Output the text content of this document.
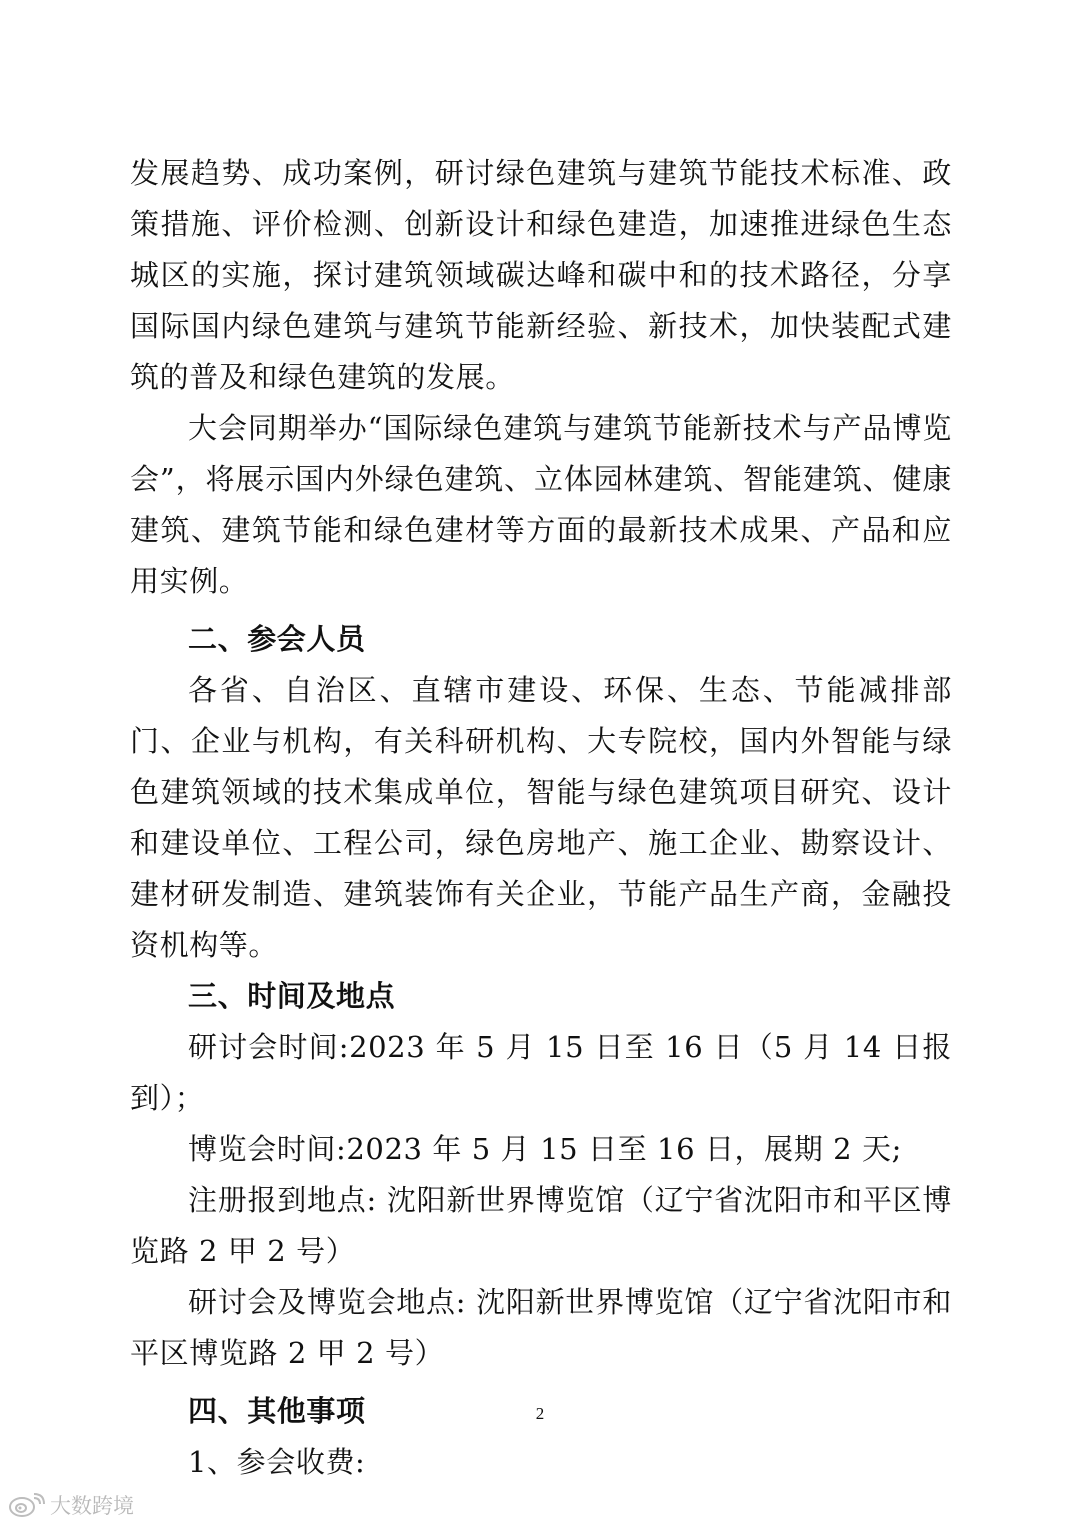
发展趋势、成功案例，研讨绿色建筑与建筑节能技术标准、政策措施、评价检测、创新设计和绿色建造，加速推进绿色生态城区的实施，探讨建筑领域碳达峰和碳中和的技术路径，分享国际国内绿色建筑与建筑节能新经验、新技术，加快装配式建筑的普及和绿色建筑的发展。

大会同期举办“国际绿色建筑与建筑节能新技术与产品博览会”，将展示国内外绿色建筑、立体园林建筑、智能建筑、健康建筑、建筑节能和绿色建材等方面的最新技术成果、产品和应用实例。

二、参会人员

各省、自治区、直辖市建设、环保、生态、节能减排部门、企业与机构，有关科研机构、大专院校，国内外智能与绿色建筑领域的技术集成单位，智能与绿色建筑项目研究、设计和建设单位、工程公司，绿色房地产、施工企业、勘察设计、建材研发制造、建筑装饰有关企业，节能产品生产商，金融投资机构等。

三、时间及地点

研讨会时间:2023 年 5 月 15 日至 16 日（5 月 14 日报到）；

博览会时间:2023 年 5 月 15 日至 16 日，展期 2 天;

注册报到地点: 沈阳新世界博览馆（辽宁省沈阳市和平区博览路 2 甲 2 号）

研讨会及博览会地点: 沈阳新世界博览馆（辽宁省沈阳市和平区博览路 2 甲 2 号）

四、其他事项

1、参会收费:

2
大数跨境
